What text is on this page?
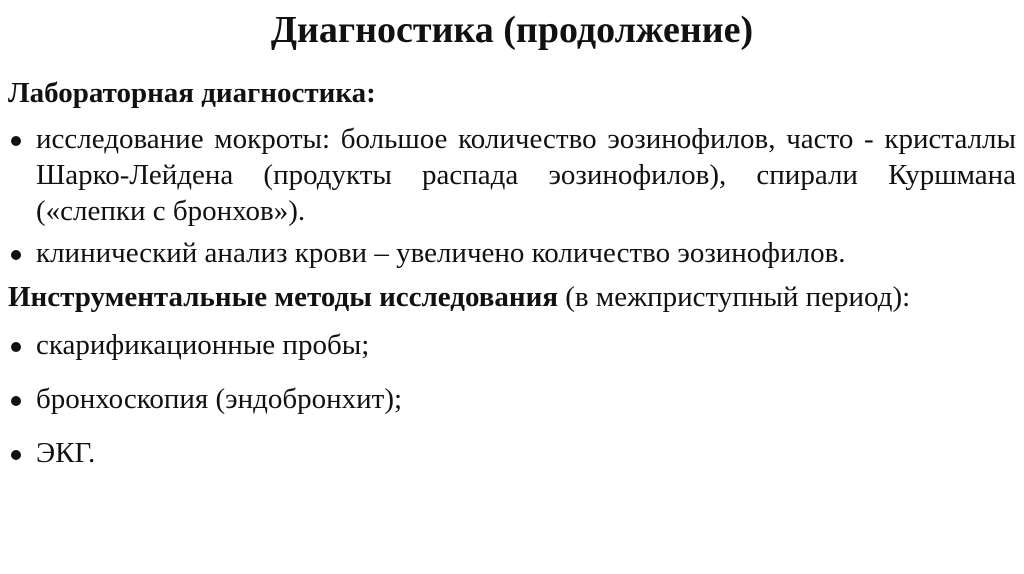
Диагностика (продолжение)

Лабораторная диагностика:

исследование мокроты: большое количество эозинофилов, часто - кристаллы Шарко-Лейдена (продукты распада эозинофилов), спирали Куршмана («слепки с бронхов»).
клинический анализ крови – увеличено количество эозинофилов.

Инструментальные методы исследования (в межприступный период):

скарификационные пробы;
бронхоскопия (эндобронхит);
ЭКГ.
